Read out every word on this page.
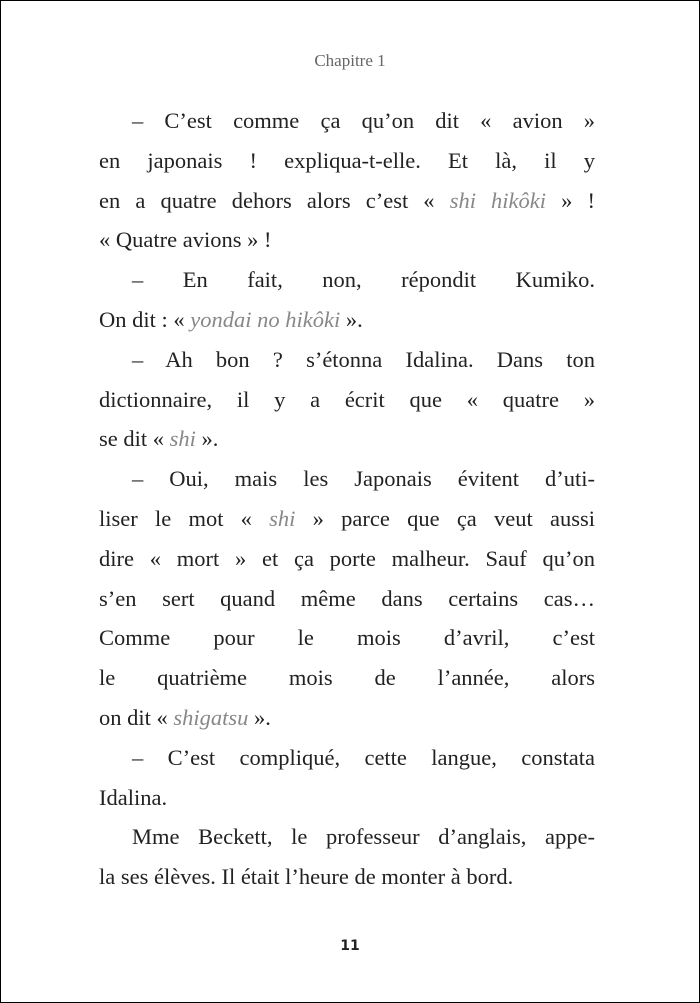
Chapitre 1
– C’est comme ça qu’on dit « avion »
en japonais ! expliqua-t-elle. Et là, il y
en a quatre dehors alors c’est « shi hikôki » !
« Quatre avions » !
– En fait, non, répondit Kumiko.
On dit : « yondai no hikôki ».
– Ah bon ? s’étonna Idalina. Dans ton
dictionnaire, il y a écrit que « quatre »
se dit « shi ».
– Oui, mais les Japonais évitent d’uti-
liser le mot « shi » parce que ça veut aussi
dire « mort » et ça porte malheur. Sauf qu’on
s’en sert quand même dans certains cas…
Comme pour le mois d’avril, c’est
le quatrième mois de l’année, alors
on dit « shigatsu ».
– C’est compliqué, cette langue, constata
Idalina.
Mme Beckett, le professeur d’anglais, appe-
la ses élèves. Il était l’heure de monter à bord.
11
